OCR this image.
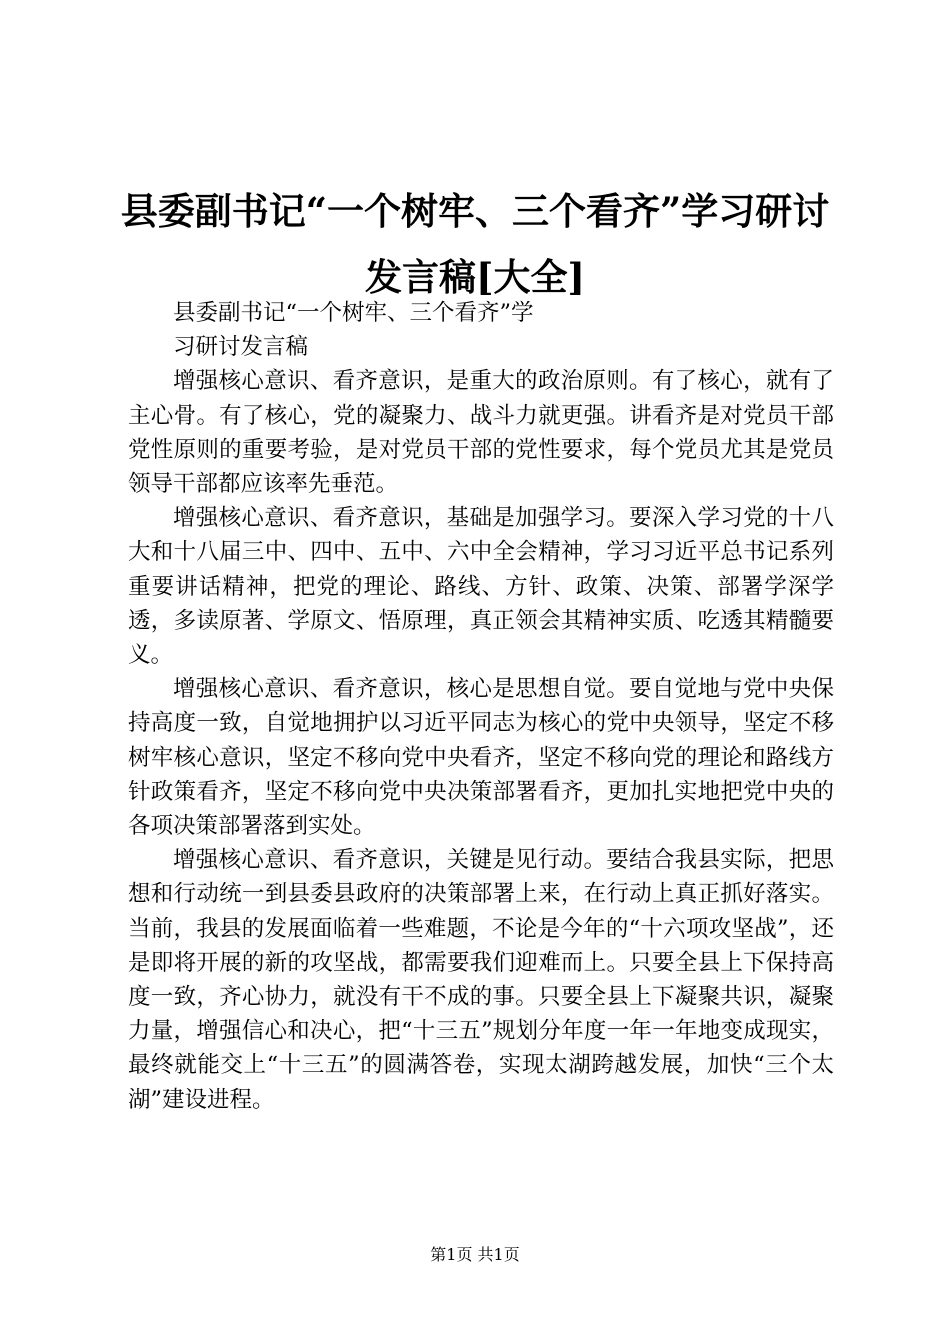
县委副书记“一个树牢、三个看齐”学习研讨
发言稿[大全]

县委副书记“一个树牢、三个看齐”学

习研讨发言稿

增强核心意识、看齐意识，是重大的政治原则。有了核心，就有了主心骨。有了核心，党的凝聚力、战斗力就更强。讲看齐是对党员干部党性原则的重要考验，是对党员干部的党性要求，每个党员尤其是党员领导干部都应该率先垂范。

增强核心意识、看齐意识，基础是加强学习。要深入学习党的十八大和十八届三中、四中、五中、六中全会精神，学习习近平总书记系列重要讲话精神，把党的理论、路线、方针、政策、决策、部署学深学透，多读原著、学原文、悟原理，真正领会其精神实质、吃透其精髓要义。

增强核心意识、看齐意识，核心是思想自觉。要自觉地与党中央保持高度一致，自觉地拥护以习近平同志为核心的党中央领导，坚定不移树牢核心意识，坚定不移向党中央看齐，坚定不移向党的理论和路线方针政策看齐，坚定不移向党中央决策部署看齐，更加扎实地把党中央的各项决策部署落到实处。

增强核心意识、看齐意识，关键是见行动。要结合我县实际，把思想和行动统一到县委县政府的决策部署上来，在行动上真正抓好落实。当前，我县的发展面临着一些难题，不论是今年的“十六项攻坚战”，还是即将开展的新的攻坚战，都需要我们迎难而上。只要全县上下保持高度一致，齐心协力，就没有干不成的事。只要全县上下凝聚共识，凝聚力量，增强信心和决心，把“十三五”规划分年度一年一年地变成现实，最终就能交上“十三五”的圆满答卷，实现太湖跨越发展，加快“三个太湖”建设进程。

第1页 共1页
